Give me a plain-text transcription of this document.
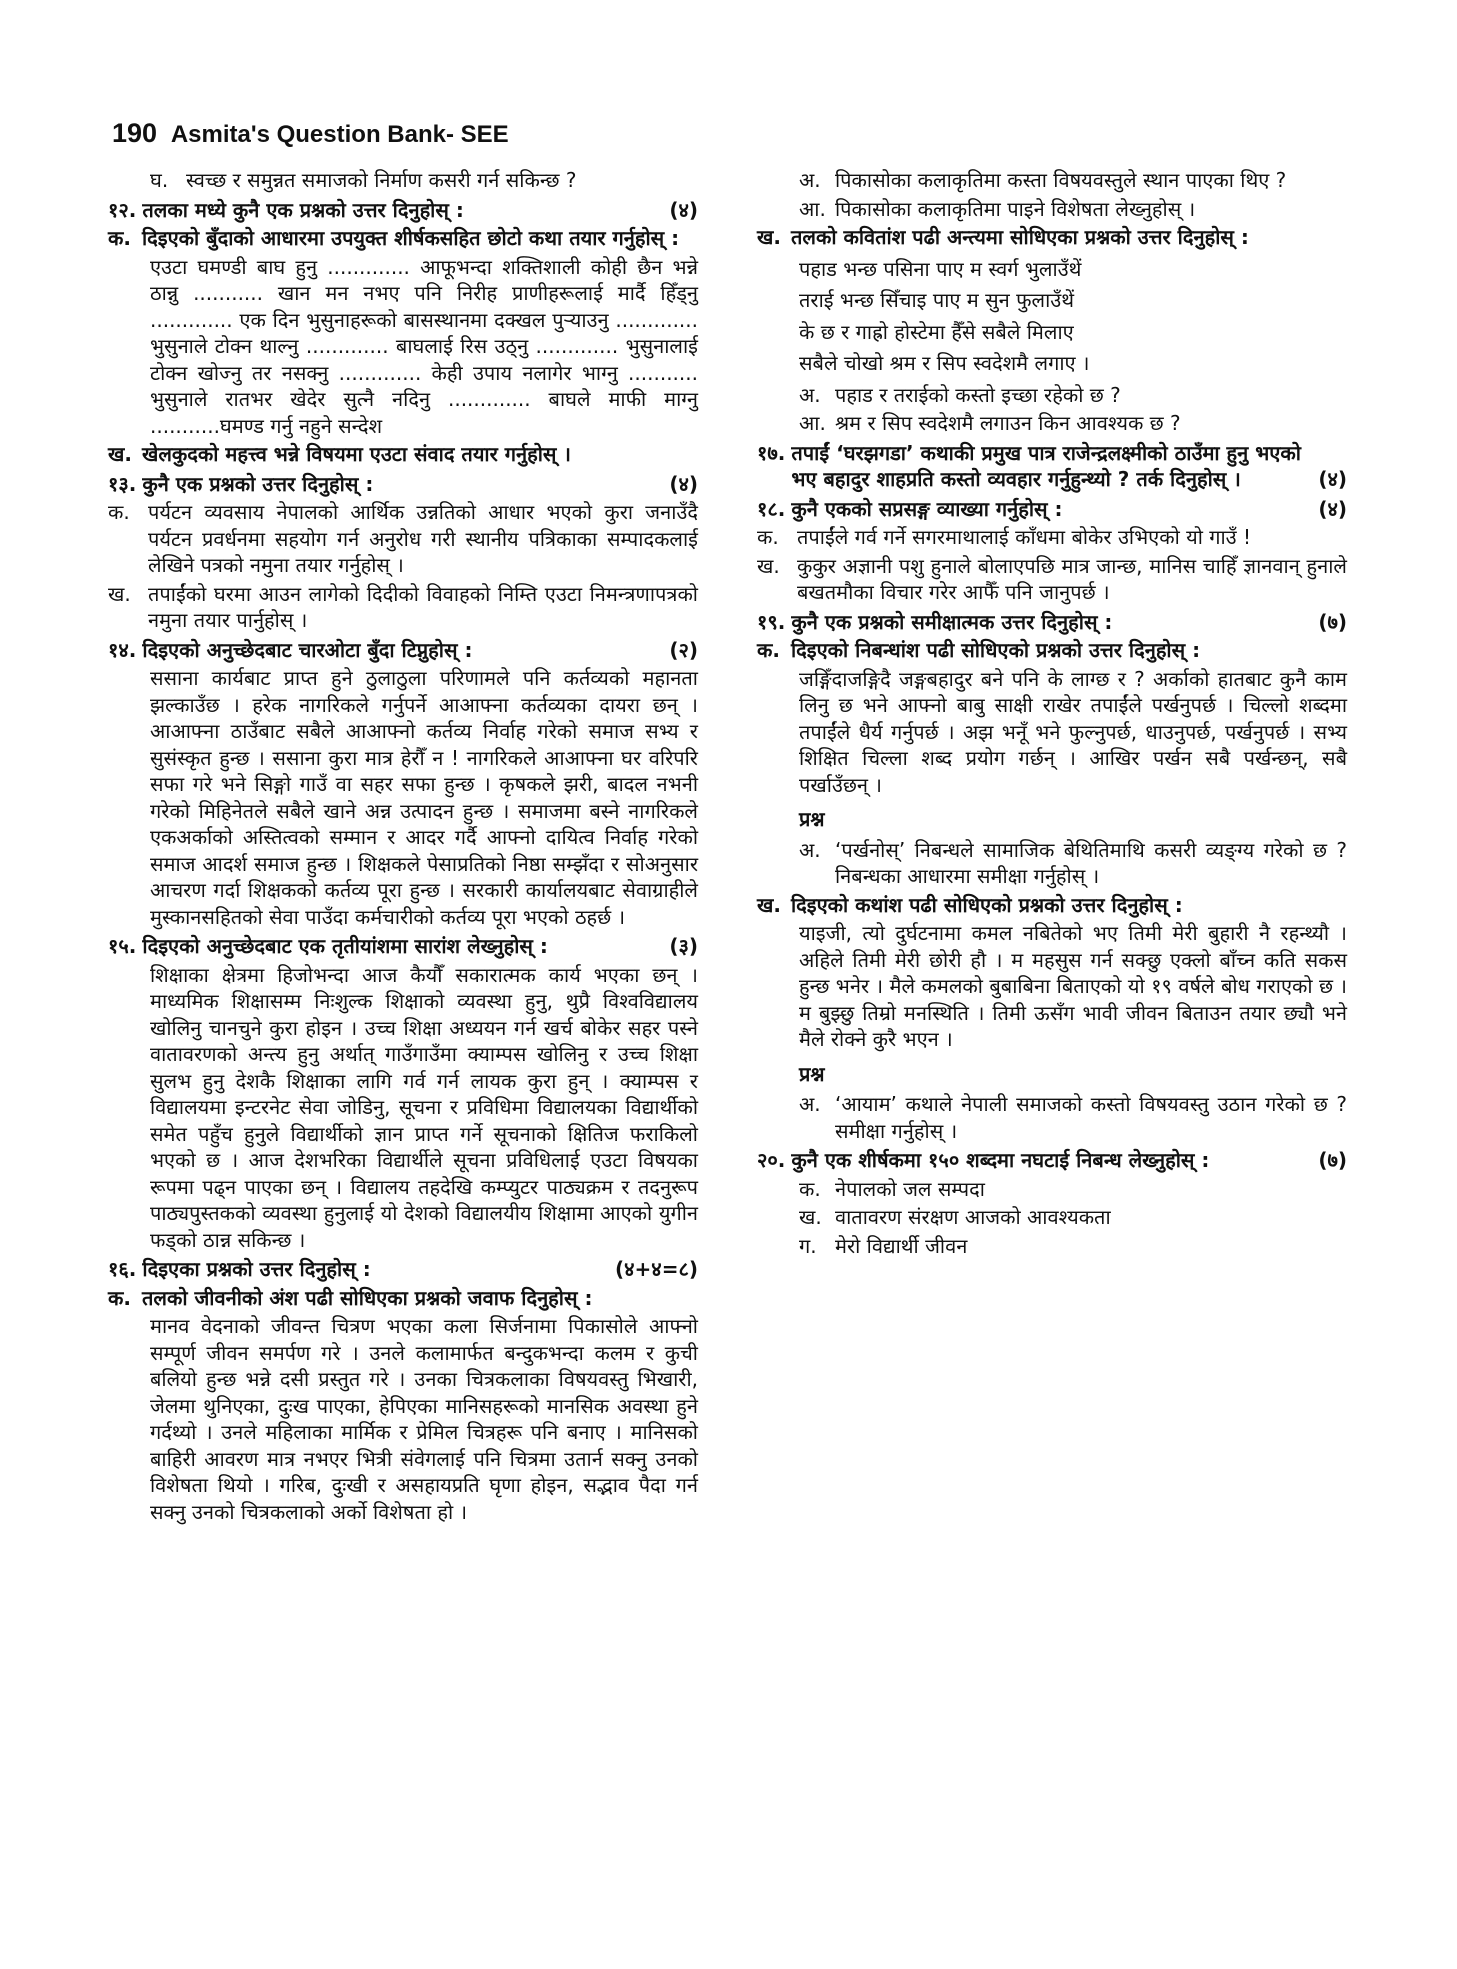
190 Asmita's Question Bank- SEE
घ. स्वच्छ र समुन्नत समाजको निर्माण कसरी गर्न सकिन्छ ?
१२. तलका मध्ये कुनै एक प्रश्नको उत्तर दिनुहोस् :	(४)
क. दिइएको बुँदाको आधारमा उपयुक्त शीर्षकसहित छोटो कथा तयार गर्नुहोस् :
एउटा घमण्डी बाघ हुनु ............. आफूभन्दा शक्तिशाली कोही छैन भन्ने ठान्नु ........... खान मन नभए पनि निरीह प्राणीहरूलाई मार्दै हिँड्नु ............. एक दिन भुसुनाहरूको बासस्थानमा दक्खल पुऱ्याउनु ............. भुसुनाले टोक्न थाल्नु ............. बाघलाई रिस उठ्नु ............. भुसुनालाई टोक्न खोज्नु तर नसक्नु ............. केही उपाय नलागेर भाग्नु ........... भुसुनाले रातभर खेदेर सुत्नै नदिनु ............. बाघले माफी माग्नु ...........घमण्ड गर्नु नहुने सन्देश
ख. खेलकुदको महत्त्व भन्ने विषयमा एउटा संवाद तयार गर्नुहोस् ।
१३. कुनै एक प्रश्नको उत्तर दिनुहोस् :	(४)
क. पर्यटन व्यवसाय नेपालको आर्थिक उन्नतिको आधार भएको कुरा जनाउँदै पर्यटन प्रवर्धनमा सहयोग गर्न अनुरोध गरी स्थानीय पत्रिकाका सम्पादकलाई लेखिने पत्रको नमुना तयार गर्नुहोस् ।
ख. तपाईंको घरमा आउन लागेको दिदीको विवाहको निम्ति एउटा निमन्त्रणापत्रको नमुना तयार पार्नुहोस् ।
१४. दिइएको अनुच्छेदबाट चारओटा बुँदा टिप्नुहोस् :	(२)
ससाना कार्यबाट प्राप्त हुने ठुलाठुला परिणामले पनि कर्तव्यको महानता झल्काउँछ । हरेक नागरिकले गर्नुपर्ने आआफ्ना कर्तव्यका दायरा छन् । आआफ्ना ठाउँबाट सबैले आआफ्नो कर्तव्य निर्वाह गरेको समाज सभ्य र सुसंस्कृत हुन्छ । ससाना कुरा मात्र हेरौँ न ! नागरिकले आआफ्ना घर वरिपरि सफा गरे भने सिङ्गो गाउँ वा सहर सफा हुन्छ । कृषकले झरी, बादल नभनी गरेको मिहिनेतले सबैले खाने अन्न उत्पादन हुन्छ । समाजमा बस्ने नागरिकले एकअर्काको अस्तित्वको सम्मान र आदर गर्दै आफ्नो दायित्व निर्वाह गरेको समाज आदर्श समाज हुन्छ । शिक्षकले पेसाप्रतिको निष्ठा सम्झँदा र सोअनुसार आचरण गर्दा शिक्षकको कर्तव्य पूरा हुन्छ । सरकारी कार्यालयबाट सेवाग्राहीले मुस्कानसहितको सेवा पाउँदा कर्मचारीको कर्तव्य पूरा भएको ठहर्छ ।
१५. दिइएको अनुच्छेदबाट एक तृतीयांशमा सारांश लेख्नुहोस् :	(३)
शिक्षाका क्षेत्रमा हिजोभन्दा आज कैयौँ सकारात्मक कार्य भएका छन् । माध्यमिक शिक्षासम्म निःशुल्क शिक्षाको व्यवस्था हुनु, थुप्रै विश्वविद्यालय खोलिनु चानचुने कुरा होइन । उच्च शिक्षा अध्ययन गर्न खर्च बोकेर सहर पस्ने वातावरणको अन्त्य हुनु अर्थात् गाउँगाउँमा क्याम्पस खोलिनु र उच्च शिक्षा सुलभ हुनु देशकै शिक्षाका लागि गर्व गर्न लायक कुरा हुन् । क्याम्पस र विद्यालयमा इन्टरनेट सेवा जोडिनु, सूचना र प्रविधिमा विद्यालयका विद्यार्थीको समेत पहुँच हुनुले विद्यार्थीको ज्ञान प्राप्त गर्ने सूचनाको क्षितिज फराकिलो भएको छ । आज देशभरिका विद्यार्थीले सूचना प्रविधिलाई एउटा विषयका रूपमा पढ्न पाएका छन् । विद्यालय तहदेखि कम्प्युटर पाठ्यक्रम र तदनुरूप पाठ्यपुस्तकको व्यवस्था हुनुलाई यो देशको विद्यालयीय शिक्षामा आएको युगीन फड्को ठान्न सकिन्छ ।
१६. दिइएका प्रश्नको उत्तर दिनुहोस् :	(४+४=८)
क. तलको जीवनीको अंश पढी सोधिएका प्रश्नको जवाफ दिनुहोस् :
मानव वेदनाको जीवन्त चित्रण भएका कला सिर्जनामा पिकासोले आफ्नो सम्पूर्ण जीवन समर्पण गरे । उनले कलामार्फत बन्दुकभन्दा कलम र कुची बलियो हुन्छ भन्ने दसी प्रस्तुत गरे । उनका चित्रकलाका विषयवस्तु भिखारी, जेलमा थुनिएका, दुःख पाएका, हेपिएका मानिसहरूको मानसिक अवस्था हुने गर्दथ्यो । उनले महिलाका मार्मिक र प्रेमिल चित्रहरू पनि बनाए । मानिसको बाहिरी आवरण मात्र नभएर भित्री संवेगलाई पनि चित्रमा उतार्न सक्नु उनको विशेषता थियो । गरिब, दुःखी र असहायप्रति घृणा होइन, सद्भाव पैदा गर्न सक्नु उनको चित्रकलाको अर्को विशेषता हो ।
अ. पिकासोका कलाकृतिमा कस्ता विषयवस्तुले स्थान पाएका थिए ?
आ. पिकासोका कलाकृतिमा पाइने विशेषता लेख्नुहोस् ।
ख. तलको कवितांश पढी अन्त्यमा सोधिएका प्रश्नको उत्तर दिनुहोस् :
पहाड भन्छ पसिना पाए म स्वर्ग भुलाउँथें
तराई भन्छ सिँचाइ पाए म सुन फुलाउँथें
के छ र गाह्रो होस्टेमा हैँसे सबैले मिलाए
सबैले चोखो श्रम र सिप स्वदेशमै लगाए ।
अ. पहाड र तराईको कस्तो इच्छा रहेको छ ?
आ. श्रम र सिप स्वदेशमै लगाउन किन आवश्यक छ ?
१७. तपाईं ‘घरझगडा’ कथाकी प्रमुख पात्र राजेन्द्रलक्ष्मीको ठाउँमा हुनु भएको भए बहादुर शाहप्रति कस्तो व्यवहार गर्नुहुन्थ्यो ? तर्क दिनुहोस् ।	(४)
१८. कुनै एकको सप्रसङ्ग व्याख्या गर्नुहोस् :	(४)
क. तपाईंले गर्व गर्ने सगरमाथालाई काँधमा बोकेर उभिएको यो गाउँ !
ख. कुकुर अज्ञानी पशु हुनाले बोलाएपछि मात्र जान्छ, मानिस चाहिँ ज्ञानवान् हुनाले बखतमौका विचार गरेर आफैँ पनि जानुपर्छ ।
१९. कुनै एक प्रश्नको समीक्षात्मक उत्तर दिनुहोस् :	(७)
क. दिइएको निबन्धांश पढी सोधिएको प्रश्नको उत्तर दिनुहोस् :
जङ्गिँदाजङ्गिदै जङ्गबहादुर बने पनि के लाग्छ र ? अर्काको हातबाट कुनै काम लिनु छ भने आफ्नो बाबु साक्षी राखेर तपाईंले पर्खनुपर्छ । चिल्लो शब्दमा तपाईंले धैर्य गर्नुपर्छ । अझ भनूँ भने फुल्नुपर्छ, धाउनुपर्छ, पर्खनुपर्छ । सभ्य शिक्षित चिल्ला शब्द प्रयोग गर्छन् । आखिर पर्खन सबै पर्खन्छन्, सबै पर्खाउँछन् ।
प्रश्न
अ. ‘पर्खनोस्’ निबन्धले सामाजिक बेथितिमाथि कसरी व्यङ्ग्य गरेको छ ? निबन्धका आधारमा समीक्षा गर्नुहोस् ।
ख. दिइएको कथांश पढी सोधिएको प्रश्नको उत्तर दिनुहोस् :
याइजी, त्यो दुर्घटनामा कमल नबितेको भए तिमी मेरी बुहारी नै रहन्थ्यौ । अहिले तिमी मेरी छोरी हौ । म महसुस गर्न सक्छु एक्लो बाँच्न कति सकस हुन्छ भनेर । मैले कमलको बुबाबिना बिताएको यो १९ वर्षले बोध गराएको छ । म बुझ्छु तिम्रो मनस्थिति । तिमी ऊसँग भावी जीवन बिताउन तयार छ्यौ भने मैले रोक्ने कुरै भएन ।
प्रश्न
अ. ‘आयाम’ कथाले नेपाली समाजको कस्तो विषयवस्तु उठान गरेको छ ? समीक्षा गर्नुहोस् ।
२०. कुनै एक शीर्षकमा १५० शब्दमा नघटाई निबन्ध लेख्नुहोस् :	(७)
क. नेपालको जल सम्पदा
ख. वातावरण संरक्षण आजको आवश्यकता
ग. मेरो विद्यार्थी जीवन
